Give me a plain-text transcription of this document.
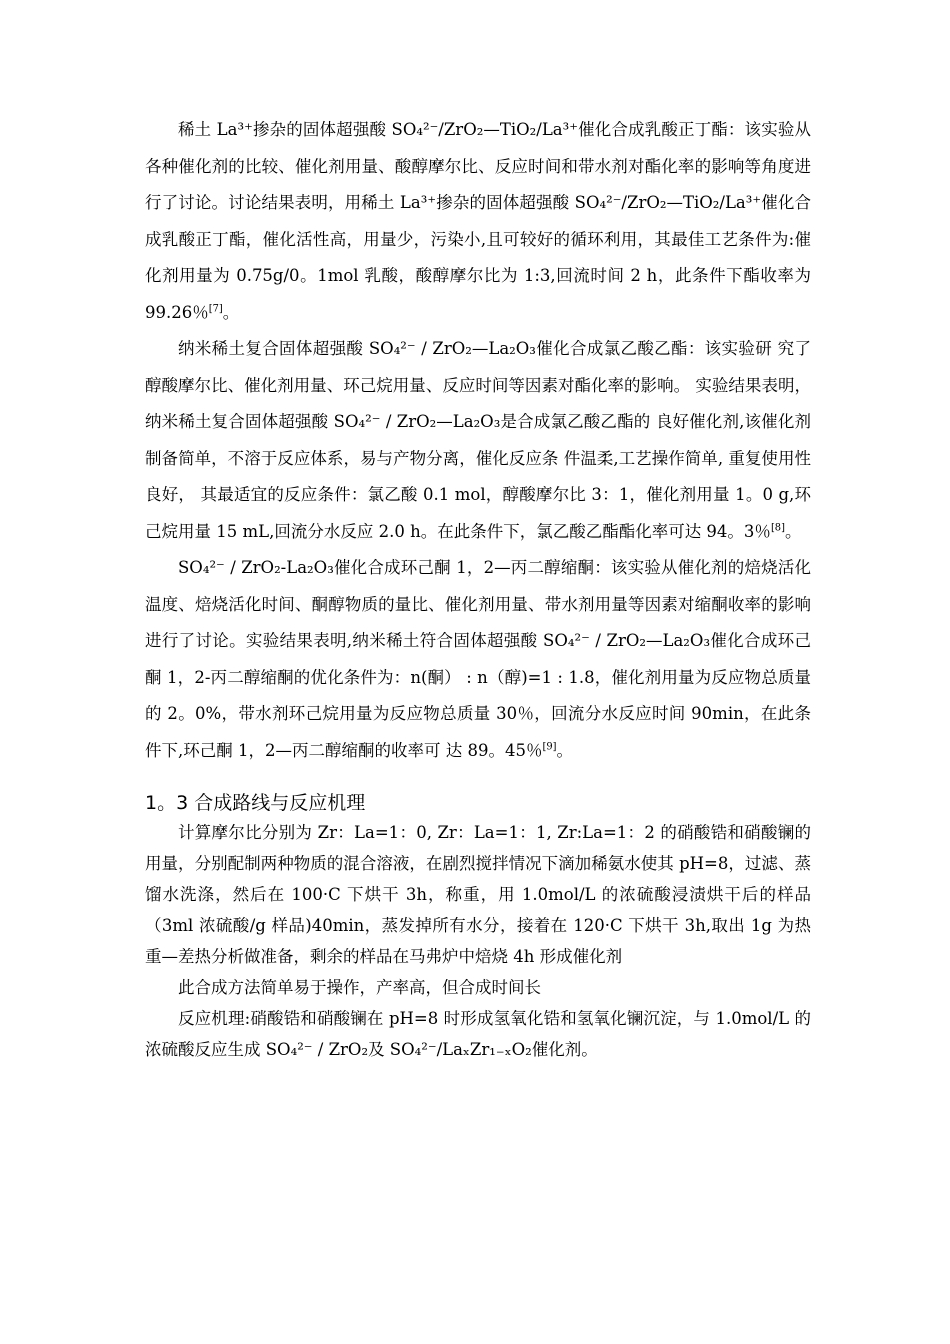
稀土 La³⁺掺杂的固体超强酸 SO₄²⁻/ZrO₂—TiO₂/La³⁺催化合成乳酸正丁酯：该实验从各种催化剂的比较、催化剂用量、酸醇摩尔比、反应时间和带水剂对酯化率的影响等角度进行了讨论。讨论结果表明，用稀土 La³⁺掺杂的固体超强酸 SO₄²⁻/ZrO₂—TiO₂/La³⁺催化合成乳酸正丁酯，催化活性高，用量少，污染小,且可较好的循环利用，其最佳工艺条件为:催化剂用量为 0.75g/0。1mol 乳酸，酸醇摩尔比为 1:3,回流时间 2 h，此条件下酯收率为 99.26％[7]。

纳米稀土复合固体超强酸 SO₄²⁻ / ZrO₂—La₂O₃催化合成氯乙酸乙酯：该实验研 究了醇酸摩尔比、催化剂用量、环己烷用量、反应时间等因素对酯化率的影响。 实验结果表明，纳米稀土复合固体超强酸 SO₄²⁻ / ZrO₂—La₂O₃是合成氯乙酸乙酯的 良好催化剂,该催化剂制备简单，不溶于反应体系，易与产物分离，催化反应条 件温柔,工艺操作简单, 重复使用性良好， 其最适宜的反应条件：氯乙酸 0.1 mol，醇酸摩尔比 3：1，催化剂用量 1。0 g,环己烷用量 15 mL,回流分水反应 2.0 h。在此条件下，氯乙酸乙酯酯化率可达 94。3％[8]。

SO₄²⁻ / ZrO₂-La₂O₃催化合成环己酮 1，2—丙二醇缩酮：该实验从催化剂的焙烧活化温度、焙烧活化时间、酮醇物质的量比、催化剂用量、带水剂用量等因素对缩酮收率的影响进行了讨论。实验结果表明,纳米稀土符合固体超强酸 SO₄²⁻ / ZrO₂—La₂O₃催化合成环己酮 1，2-丙二醇缩酮的优化条件为：n(酮） : n（醇)=1 : 1.8，催化剂用量为反应物总质量的 2。0%，带水剂环己烷用量为反应物总质量 30％，回流分水反应时间 90min，在此条件下,环己酮 1，2—丙二醇缩酮的收率可 达 89。45％[9]。

1。3 合成路线与反应机理

计算摩尔比分别为 Zr：La=1：0, Zr：La=1：1, Zr:La=1：2 的硝酸锆和硝酸镧的用量，分别配制两种物质的混合溶液，在剧烈搅拌情况下滴加稀氨水使其 pH=8，过滤、蒸馏水洗涤，然后在 100·C 下烘干 3h，称重，用 1.0mol/L 的浓硫酸浸渍烘干后的样品（3ml 浓硫酸/g 样品)40min，蒸发掉所有水分，接着在 120·C 下烘干 3h,取出 1g 为热重—差热分析做准备，剩余的样品在马弗炉中焙烧 4h 形成催化剂

此合成方法简单易于操作，产率高，但合成时间长

反应机理:硝酸锆和硝酸镧在 pH=8 时形成氢氧化锆和氢氧化镧沉淀，与 1.0mol/L 的浓硫酸反应生成 SO₄²⁻ / ZrO₂及 SO₄²⁻/LaₓZr₁₋ₓO₂催化剂。
